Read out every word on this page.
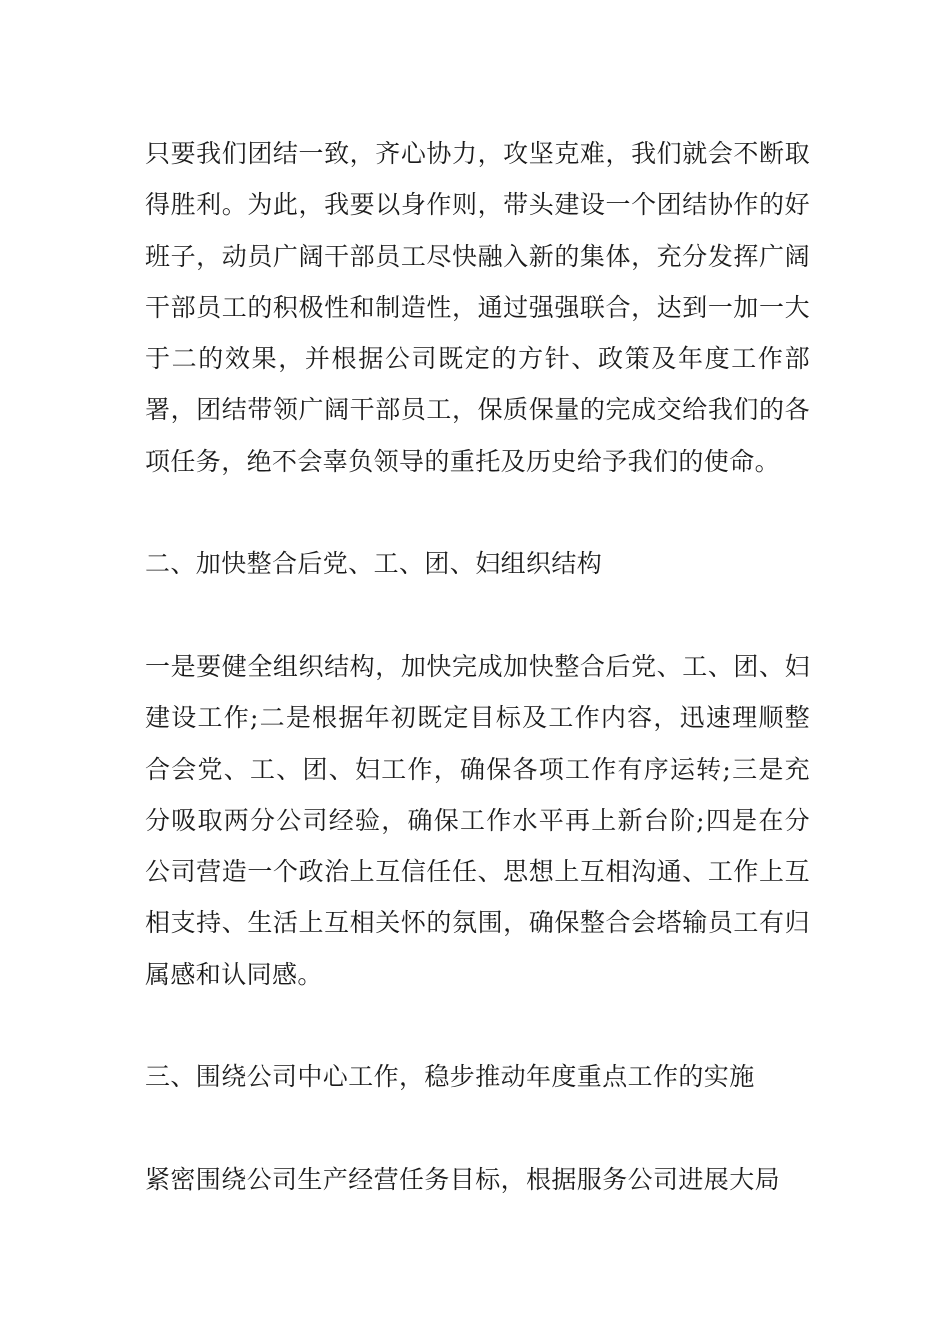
只要我们团结一致，齐心协力，攻坚克难，我们就会不断取得胜利。为此，我要以身作则，带头建设一个团结协作的好班子，动员广阔干部员工尽快融入新的集体，充分发挥广阔干部员工的积极性和制造性，通过强强联合，达到一加一大于二的效果，并根据公司既定的方针、政策及年度工作部署，团结带领广阔干部员工，保质保量的完成交给我们的各项任务，绝不会辜负领导的重托及历史给予我们的使命。

二、加快整合后党、工、团、妇组织结构

一是要健全组织结构，加快完成加快整合后党、工、团、妇建设工作;二是根据年初既定目标及工作内容，迅速理顺整合会党、工、团、妇工作，确保各项工作有序运转;三是充分吸取两分公司经验，确保工作水平再上新台阶;四是在分公司营造一个政治上互信任任、思想上互相沟通、工作上互相支持、生活上互相关怀的氛围，确保整合会塔输员工有归属感和认同感。

三、围绕公司中心工作，稳步推动年度重点工作的实施

紧密围绕公司生产经营任务目标，根据服务公司进展大局
